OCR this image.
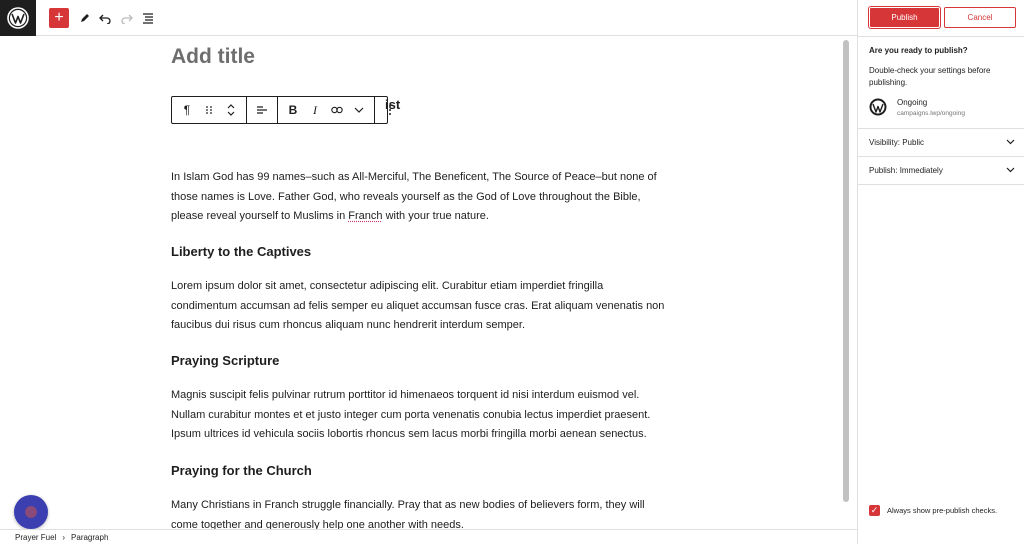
+
Add title
¶	B	I	ist
In Islam God has 99 names–such as All-Merciful, The Beneficent, The Source of Peace–but none of those names is Love. Father God, who reveals yourself as the God of Love throughout the Bible, please reveal yourself to Muslims in Franch with your true nature.
Liberty to the Captives
Lorem ipsum dolor sit amet, consectetur adipiscing elit. Curabitur etiam imperdiet fringilla condimentum accumsan ad felis semper eu aliquet accumsan fusce cras. Erat aliquam venenatis non faucibus dui risus cum rhoncus aliquam nunc hendrerit interdum semper.
Praying Scripture
Magnis suscipit felis pulvinar rutrum porttitor id himenaeos torquent id nisi interdum euismod vel. Nullam curabitur montes et et justo integer cum porta venenatis conubia lectus imperdiet praesent. Ipsum ultrices id vehicula sociis lobortis rhoncus sem lacus morbi fringilla morbi aenean senectus.
Praying for the Church
Many Christians in Franch struggle financially. Pray that as new bodies of believers form, they will come together and generously help one another with needs.
Prayer Fuel › Paragraph
Publish	Cancel
Are you ready to publish?
Double-check your settings before publishing.
Ongoing
campaigns.lwp/ongoing
Visibility: Public
Publish: Immediately
✓ Always show pre-publish checks.
